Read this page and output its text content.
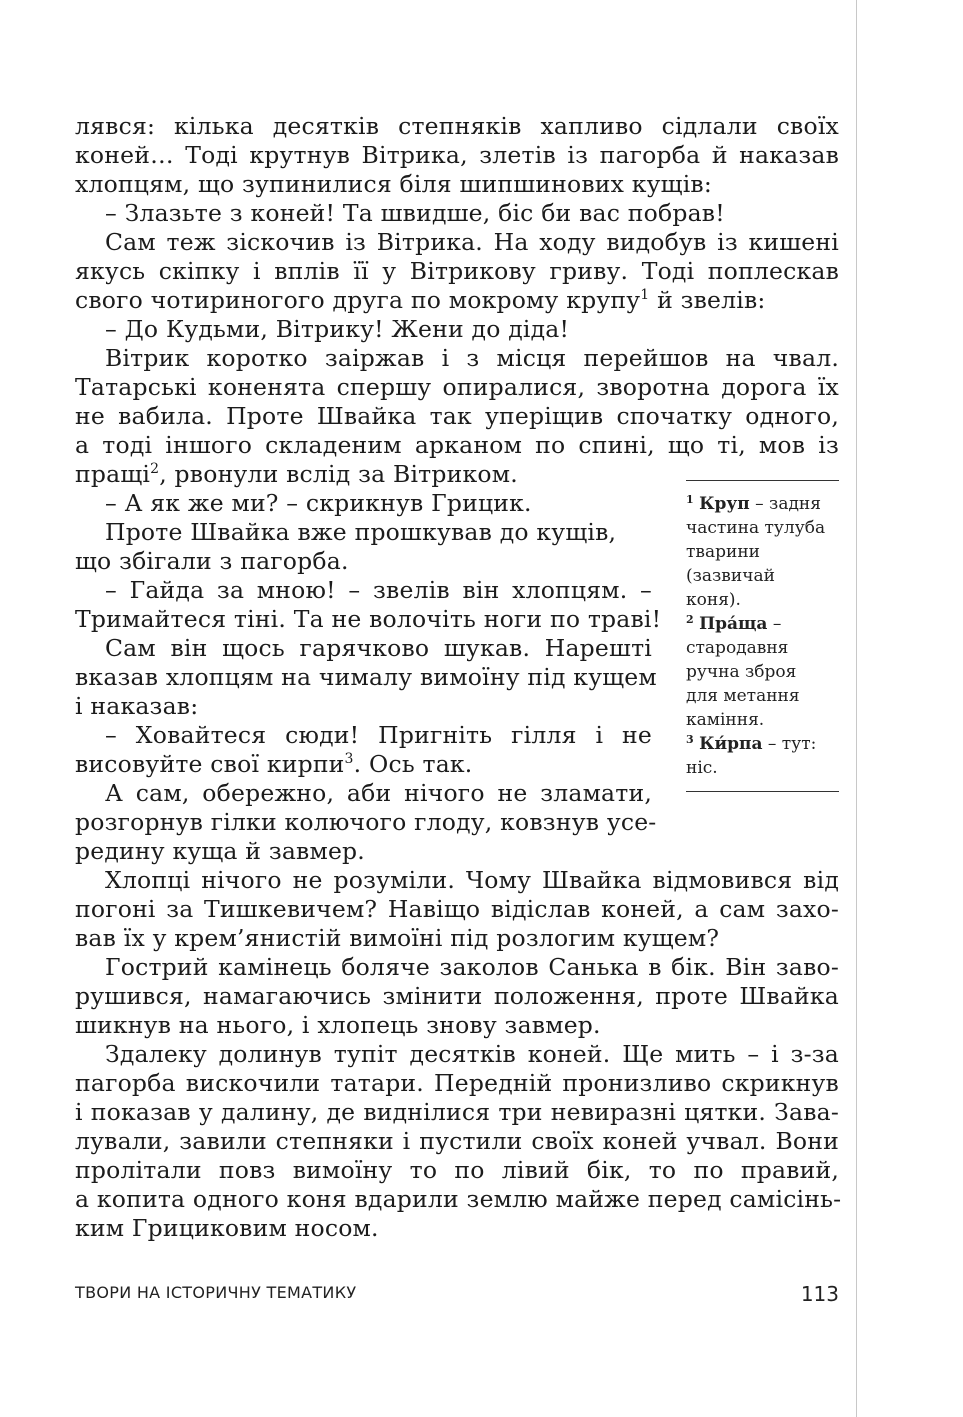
лявся: кілька десятків степняків хапливо сідлали своїх
коней… Тоді крутнув Вітрика, злетів із пагорба й наказав
хлопцям, що зупинилися біля шипшинових кущів:
– Злазьте з коней! Та швидше, біс би вас побрав!
Сам теж зіскочив із Вітрика. На ходу видобув із кишені
якусь скіпку і вплів її у Вітрикову гриву. Тоді поплескав
свого чотириногого друга по мокрому крупу$^1$ й звелів:
– До Кудьми, Вітрику! Жени до діда!
Вітрик коротко заіржав і з місця перейшов на чвал.
Татарські коненята спершу опиралися, зворотна дорога їх
не вабила. Проте Швайка так уперіщив спочатку одного,
а тоді іншого складеним арканом по спині, що ті, мов із
пращі$^2$, рвонули вслід за Вітриком.
– А як же ми? – скрикнув Грицик.
Проте Швайка вже прошкував до кущів,
що збігали з пагорба.
– Гайда за мною! – звелів він хлопцям. –
Тримайтеся тіні. Та не волочіть ноги по траві!
Сам він щось гарячково шукав. Нарешті
вказав хлопцям на чималу вимоїну під кущем
і наказав:
– Ховайтеся сюди! Пригніть гілля і не
висовуйте свої кирпи$^3$. Ось так.
А сам, обережно, аби нічого не зламати,
розгорнув гілки колючого глоду, ковзнув усе-
редину куща й завмер.
Хлопці нічого не розуміли. Чому Швайка відмовився від
погоні за Тишкевичем? Навіщо відіслав коней, а сам захо-
вав їх у крем’янистій вимоїні під розлогим кущем?
Гострий камінець боляче заколов Санька в бік. Він заво-
рушився, намагаючись змінити положення, проте Швайка
шикнув на нього, і хлопець знову завмер.
Здалеку долинув тупіт десятків коней. Ще мить – і з-за
пагорба вискочили татари. Передній пронизливо скрикнув
і показав у далину, де виднілися три невиразні цятки. Зава-
лували, завили степняки і пустили своїх коней учвал. Вони
пролітали повз вимоїну то по лівий бік, то по правий,
а копита одного коня вдарили землю майже перед самісінь-
ким Грициковим носом.
$^1$ Круп – задня
частина тулуба
тварини
(зазвичай
коня).
$^2$ Пра́ща –
стародавня
ручна зброя
для метання
каміння.
$^3$ Ки́рпа – тут:
ніс.
ТВОРИ НА ІСТОРИЧНУ ТЕМАТИКУ	113
